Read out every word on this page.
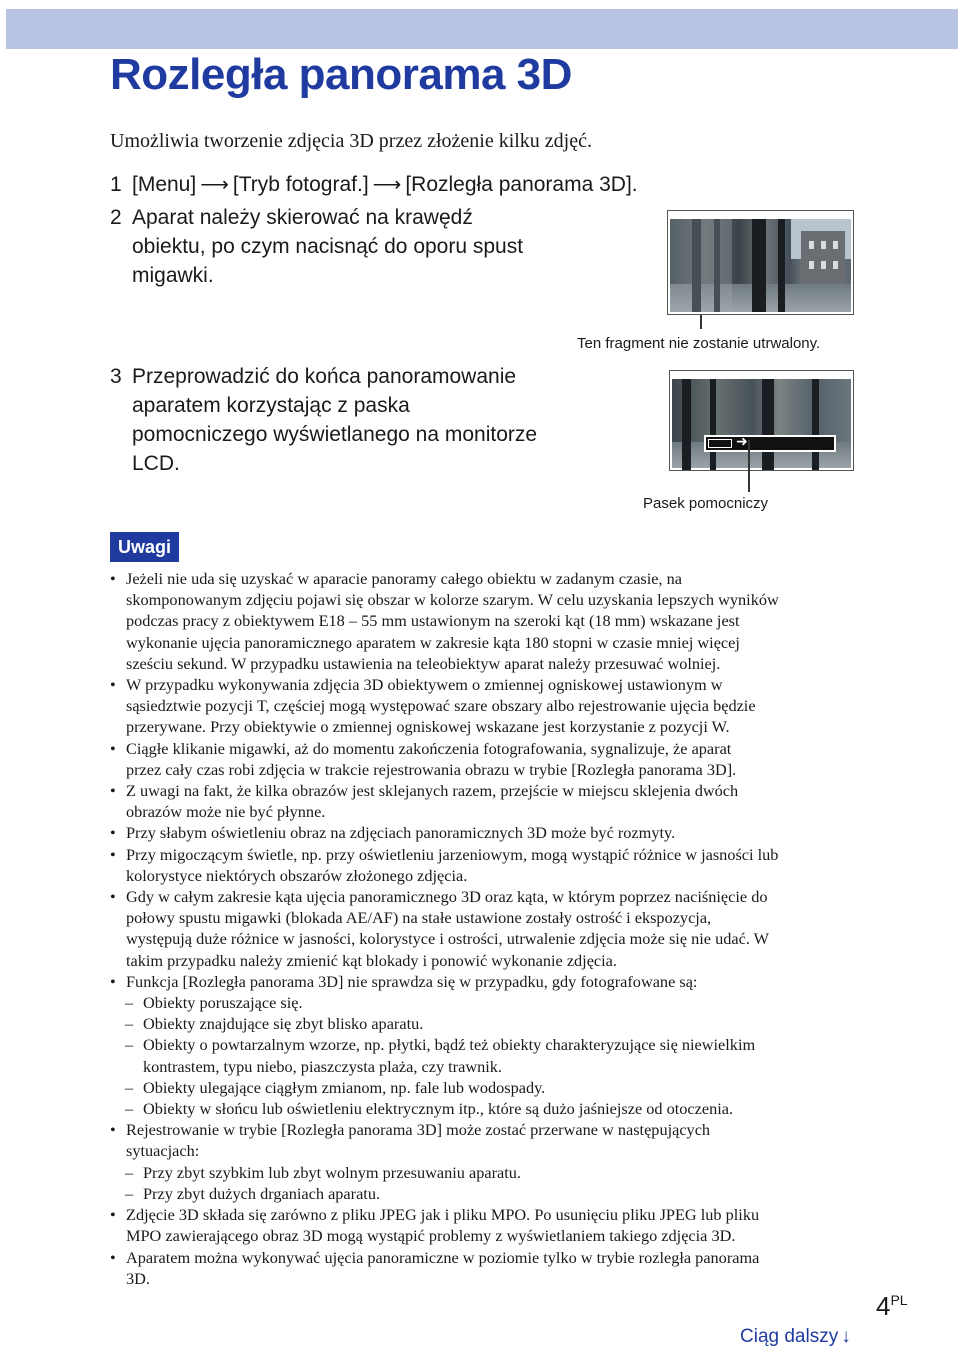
Rozległa panorama 3D

Umożliwia tworzenie zdjęcia 3D przez złożenie kilku zdjęć.

1 [Menu] ⟶ [Tryb fotograf.] ⟶ [Rozległa panorama 3D].
2 Aparat należy skierować na krawędź
obiektu, po czym nacisnąć do oporu spust
migawki.
3 Przeprowadzić do końca panoramowanie
aparatem korzystając z paska
pomocniczego wyświetlanego na monitorze
LCD.
Ten fragment nie zostanie utrwalony.
➜
Pasek pomocniczy
Uwagi
• Jeżeli nie uda się uzyskać w aparacie panoramy całego obiektu w zadanym czasie, na
skomponowanym zdjęciu pojawi się obszar w kolorze szarym. W celu uzyskania lepszych wyników
podczas pracy z obiektywem E18 – 55 mm ustawionym na szeroki kąt (18 mm) wskazane jest
wykonanie ujęcia panoramicznego aparatem w zakresie kąta 180 stopni w czasie mniej więcej
sześciu sekund. W przypadku ustawienia na teleobiektyw aparat należy przesuwać wolniej.
• W przypadku wykonywania zdjęcia 3D obiektywem o zmiennej ogniskowej ustawionym w
sąsiedztwie pozycji T, częściej mogą występować szare obszary albo rejestrowanie ujęcia będzie
przerywane. Przy obiektywie o zmiennej ogniskowej wskazane jest korzystanie z pozycji W.
• Ciągłe klikanie migawki, aż do momentu zakończenia fotografowania, sygnalizuje, że aparat
przez cały czas robi zdjęcia w trakcie rejestrowania obrazu w trybie [Rozległa panorama 3D].
• Z uwagi na fakt, że kilka obrazów jest sklejanych razem, przejście w miejscu sklejenia dwóch
obrazów może nie być płynne.
• Przy słabym oświetleniu obraz na zdjęciach panoramicznych 3D może być rozmyty.
• Przy migoczącym świetle, np. przy oświetleniu jarzeniowym, mogą wystąpić różnice w jasności lub
kolorystyce niektórych obszarów złożonego zdjęcia.
• Gdy w całym zakresie kąta ujęcia panoramicznego 3D oraz kąta, w którym poprzez naciśnięcie do
połowy spustu migawki (blokada AE/AF) na stałe ustawione zostały ostrość i ekspozycja,
występują duże różnice w jasności, kolorystyce i ostrości, utrwalenie zdjęcia może się nie udać. W
takim przypadku należy zmienić kąt blokady i ponowić wykonanie zdjęcia.
• Funkcja [Rozległa panorama 3D] nie sprawdza się w przypadku, gdy fotografowane są:
– Obiekty poruszające się.
– Obiekty znajdujące się zbyt blisko aparatu.
– Obiekty o powtarzalnym wzorze, np. płytki, bądź też obiekty charakteryzujące się niewielkim
kontrastem, typu niebo, piaszczysta plaża, czy trawnik.
– Obiekty ulegające ciągłym zmianom, np. fale lub wodospady.
– Obiekty w słońcu lub oświetleniu elektrycznym itp., które są dużo jaśniejsze od otoczenia.
• Rejestrowanie w trybie [Rozległa panorama 3D] może zostać przerwane w następujących
sytuacjach:
– Przy zbyt szybkim lub zbyt wolnym przesuwaniu aparatu.
– Przy zbyt dużych drganiach aparatu.
• Zdjęcie 3D składa się zarówno z pliku JPEG jak i pliku MPO. Po usunięciu pliku JPEG lub pliku
MPO zawierającego obraz 3D mogą wystąpić problemy z wyświetlaniem takiego zdjęcia 3D.
• Aparatem można wykonywać ujęcia panoramiczne w poziomie tylko w trybie rozległa panorama
3D.
$4^{PL}$
Ciąg dalszy ↓
